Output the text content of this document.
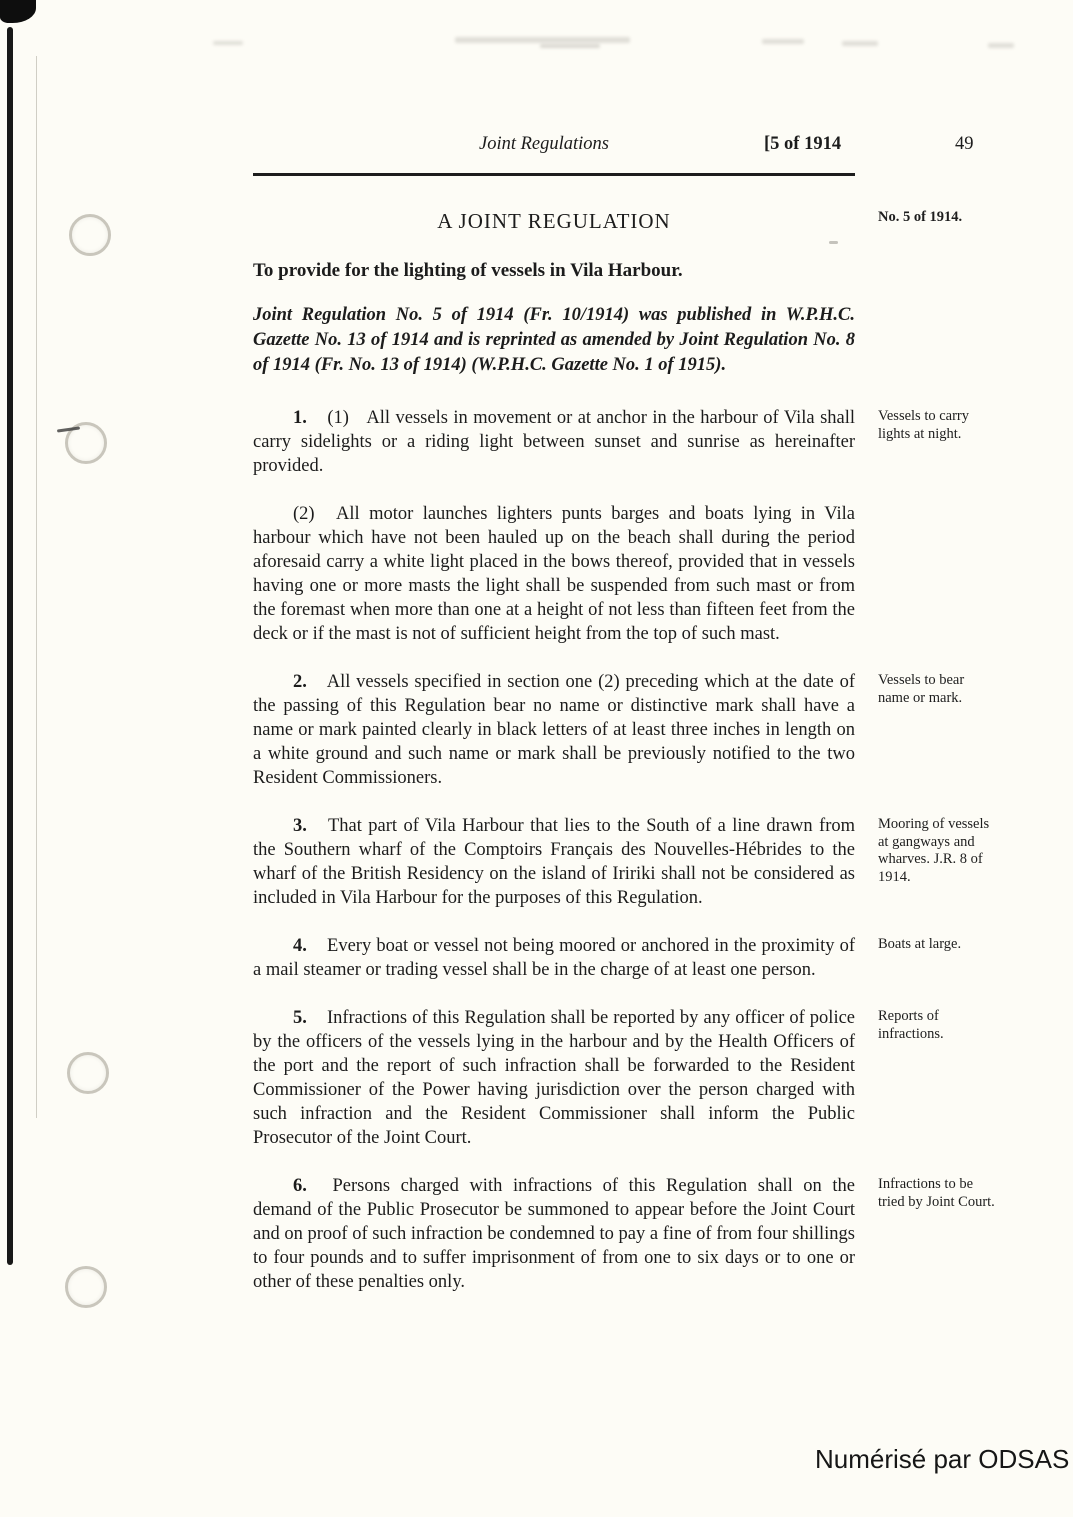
Joint Regulations	[5 of 1914	49
A JOINT REGULATION	No. 5 of 1914.

To provide for the lighting of vessels in Vila Harbour.

Joint Regulation No. 5 of 1914 (Fr. 10/1914) was published in W.P.H.C. Gazette No. 13 of 1914 and is reprinted as amended by Joint Regulation No. 8 of 1914 (Fr. No. 13 of 1914) (W.P.H.C. Gazette No. 1 of 1915).

1. (1) All vessels in movement or at anchor in the harbour of Vila shall carry sidelights or a riding light between sunset and sunrise as hereinafter provided.

Vessels to carry lights at night.

(2) All motor launches lighters punts barges and boats lying in Vila harbour which have not been hauled up on the beach shall during the period aforesaid carry a white light placed in the bows thereof, provided that in vessels having one or more masts the light shall be suspended from such mast or from the foremast when more than one at a height of not less than fifteen feet from the deck or if the mast is not of sufficient height from the top of such mast.

2. All vessels specified in section one (2) preceding which at the date of the passing of this Regulation bear no name or distinctive mark shall have a name or mark painted clearly in black letters of at least three inches in length on a white ground and such name or mark shall be previously notified to the two Resident Commissioners.

Vessels to bear name or mark.

3. That part of Vila Harbour that lies to the South of a line drawn from the Southern wharf of the Comptoirs Français des Nouvelles-Hébrides to the wharf of the British Residency on the island of Iririki shall not be considered as included in Vila Harbour for the purposes of this Regulation.

Mooring of vessels at gangways and wharves. J.R. 8 of 1914.

4. Every boat or vessel not being moored or anchored in the proximity of a mail steamer or trading vessel shall be in the charge of at least one person.

Boats at large.

5. Infractions of this Regulation shall be reported by any officer of police by the officers of the vessels lying in the harbour and by the Health Officers of the port and the report of such infraction shall be forwarded to the Resident Commissioner of the Power having jurisdiction over the person charged with such infraction and the Resident Commissioner shall inform the Public Prosecutor of the Joint Court.

Reports of infractions.

6. Persons charged with infractions of this Regulation shall on the demand of the Public Prosecutor be summoned to appear before the Joint Court and on proof of such infraction be condemned to pay a fine of from four shillings to four pounds and to suffer imprisonment of from one to six days or to one or other of these penalties only.

Infractions to be tried by Joint Court.
Numérisé par ODSAS
